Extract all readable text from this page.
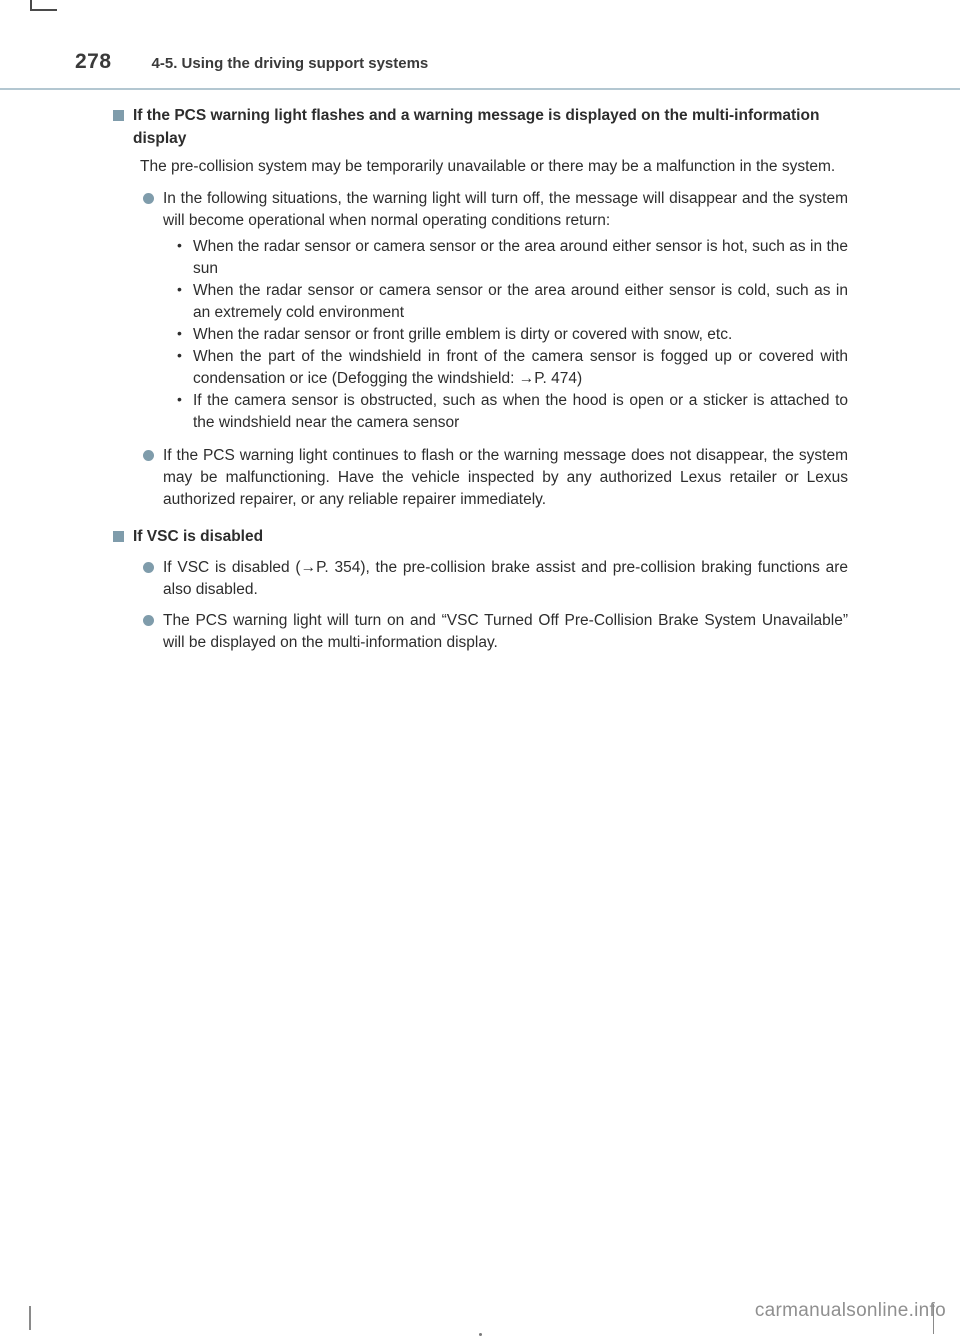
278	4-5. Using the driving support systems
If the PCS warning light flashes and a warning message is displayed on the multi-information display

The pre-collision system may be temporarily unavailable or there may be a malfunction in the system.

In the following situations, the warning light will turn off, the message will disappear and the system will become operational when normal operating conditions return:

• When the radar sensor or camera sensor or the area around either sensor is hot, such as in the sun
• When the radar sensor or camera sensor or the area around either sensor is cold, such as in an extremely cold environment
• When the radar sensor or front grille emblem is dirty or covered with snow, etc.
• When the part of the windshield in front of the camera sensor is fogged up or covered with condensation or ice (Defogging the windshield: →P. 474)
• If the camera sensor is obstructed, such as when the hood is open or a sticker is attached to the windshield near the camera sensor

If the PCS warning light continues to flash or the warning message does not disappear, the system may be malfunctioning. Have the vehicle inspected by any authorized Lexus retailer or Lexus authorized repairer, or any reliable repairer immediately.

If VSC is disabled

If VSC is disabled (→P. 354), the pre-collision brake assist and pre-collision braking functions are also disabled.

The PCS warning light will turn on and “VSC Turned Off Pre-Collision Brake System Unavailable” will be displayed on the multi-information display.

carmanualsonline.info
